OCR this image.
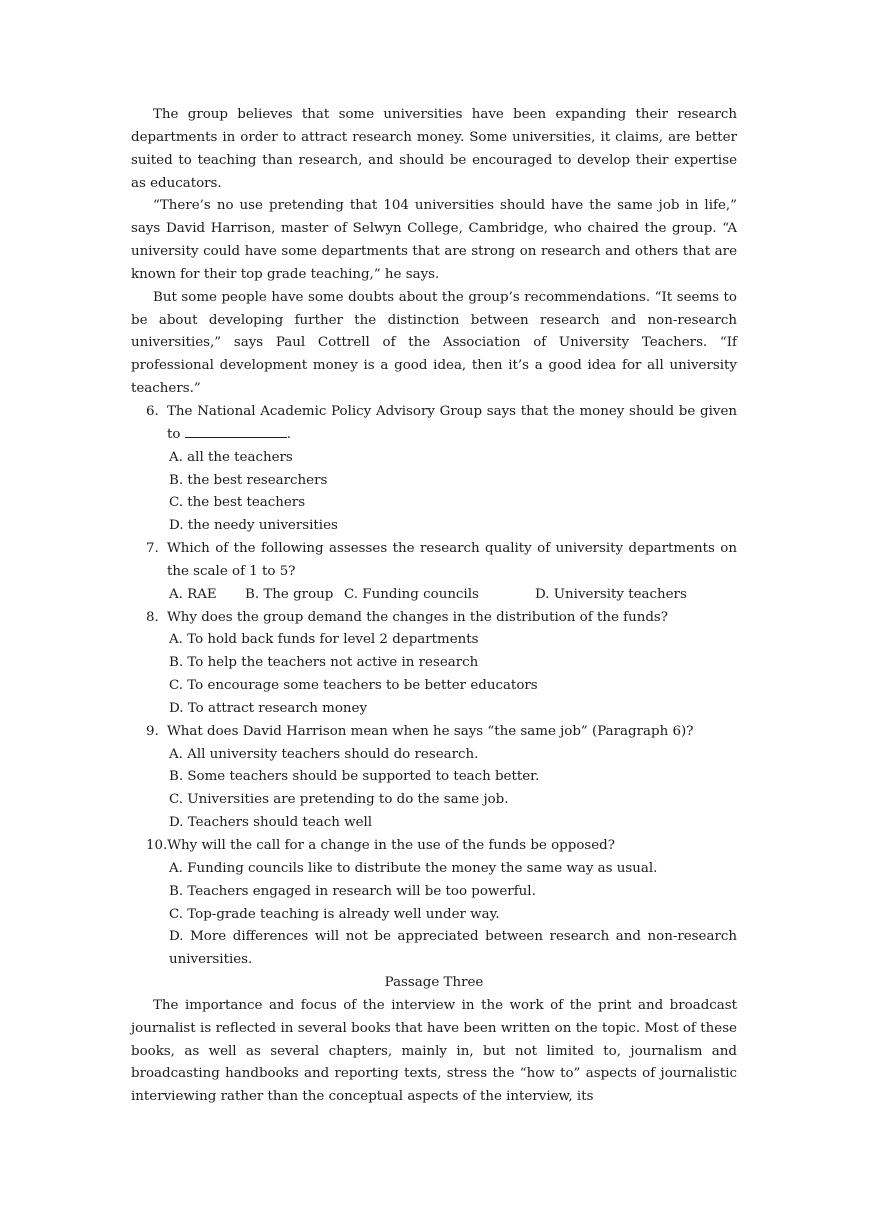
The group believes that some universities have been expanding their research departments in order to attract research money. Some universities, it claims, are better suited to teaching than research, and should be encouraged to develop their expertise as educators.

“There’s no use pretending that 104 universities should have the same job in life,” says David Harrison, master of Selwyn College, Cambridge, who chaired the group. “A university could have some departments that are strong on research and others that are known for their top grade teaching,” he says.

But some people have some doubts about the group’s recommendations. “It seems to be about developing further the distinction between research and non-research universities,” says Paul Cottrell of the Association of University Teachers. “If professional development money is a good idea, then it’s a good idea for all university teachers.”

6. The National Academic Policy Advisory Group says that the money should be given to	.

A. all the teachers

B. the best researchers

C. the best teachers

D. the needy universities

7. Which of the following assesses the research quality of university departments on the scale of 1 to 5?

A. RAE	B. The group C. Funding councils	D. University teachers

8. Why does the group demand the changes in the distribution of the funds?

A. To hold back funds for level 2 departments

B. To help the teachers not active in research

C. To encourage some teachers to be better educators

D. To attract research money

9. What does David Harrison mean when he says “the same job” (Paragraph 6)?

A. All university teachers should do research.

B. Some teachers should be supported to teach better.

C. Universities are pretending to do the same job.

D. Teachers should teach well

10.Why will the call for a change in the use of the funds be opposed?

A. Funding councils like to distribute the money the same way as usual.

B. Teachers engaged in research will be too powerful.

C. Top-grade teaching is already well under way.

D. More differences will not be appreciated between research and non-research universities.

Passage Three

The importance and focus of the interview in the work of the print and broadcast journalist is reflected in several books that have been written on the topic. Most of these books, as well as several chapters, mainly in, but not limited to, journalism and broadcasting handbooks and reporting texts, stress the “how to” aspects of journalistic interviewing rather than the conceptual aspects of the interview, its
